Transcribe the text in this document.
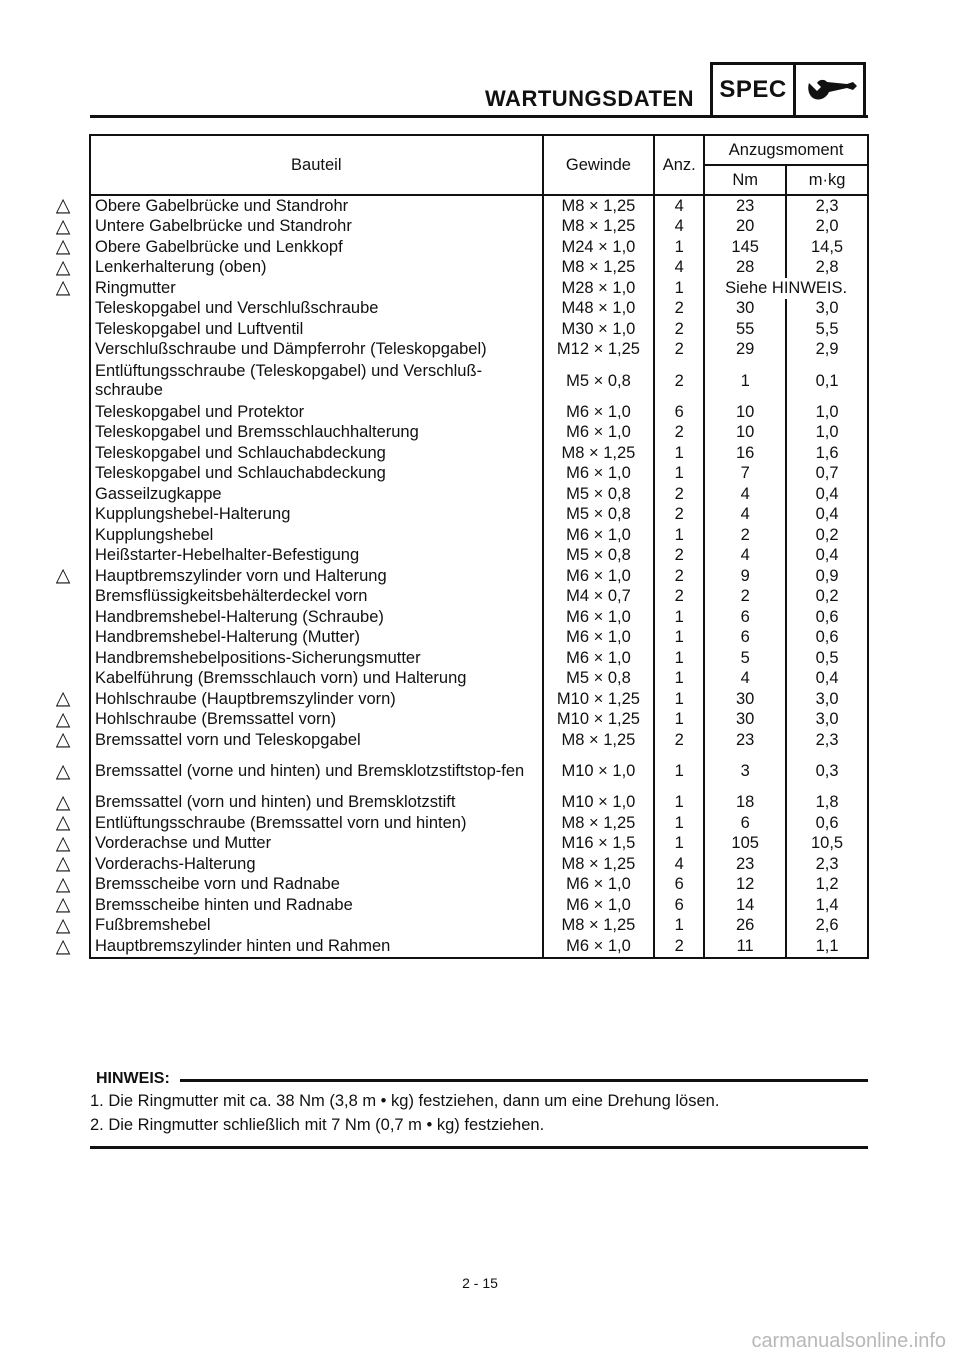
WARTUNGSDATEN	SPEC
△
△
△
△
△
△
△
△
△
△
△
△
△
△
△
△
△
△
Bauteil	Gewinde	Anz.	Anzugsmoment	
			Nm	m·kg
Obere Gabelbrücke und Standrohr	M8 × 1,25	4	23	2,3
Untere Gabelbrücke und Standrohr	M8 × 1,25	4	20	2,0
Obere Gabelbrücke und Lenkkopf	M24 × 1,0	1	145	14,5
Lenkerhalterung (oben)	M8 × 1,25	4	28	2,8
Ringmutter	M28 × 1,0	1	Siehe HINWEIS.	
Teleskopgabel und Verschlußschraube	M48 × 1,0	2	30	3,0
Teleskopgabel und Luftventil	M30 × 1,0	2	55	5,5
Verschlußschraube und Dämpferrohr (Teleskopgabel)	M12 × 1,25	2	29	2,9
Entlüftungsschraube (Teleskopgabel) und Verschluß-schraube	M5 × 0,8	2	1	0,1
Teleskopgabel und Protektor	M6 × 1,0	6	10	1,0
Teleskopgabel und Bremsschlauchhalterung	M6 × 1,0	2	10	1,0
Teleskopgabel und Schlauchabdeckung	M8 × 1,25	1	16	1,6
Teleskopgabel und Schlauchabdeckung	M6 × 1,0	1	7	0,7
Gasseilzugkappe	M5 × 0,8	2	4	0,4
Kupplungshebel-Halterung	M5 × 0,8	2	4	0,4
Kupplungshebel	M6 × 1,0	1	2	0,2
Heißstarter-Hebelhalter-Befestigung	M5 × 0,8	2	4	0,4
Hauptbremszylinder vorn und Halterung	M6 × 1,0	2	9	0,9
Bremsflüssigkeitsbehälterdeckel vorn	M4 × 0,7	2	2	0,2
Handbremshebel-Halterung (Schraube)	M6 × 1,0	1	6	0,6
Handbremshebel-Halterung (Mutter)	M6 × 1,0	1	6	0,6
Handbremshebelpositions-Sicherungsmutter	M6 × 1,0	1	5	0,5
Kabelführung (Bremsschlauch vorn) und Halterung	M5 × 0,8	1	4	0,4
Hohlschraube (Hauptbremszylinder vorn)	M10 × 1,25	1	30	3,0
Hohlschraube (Bremssattel vorn)	M10 × 1,25	1	30	3,0
Bremssattel vorn und Teleskopgabel	M8 × 1,25	2	23	2,3
Bremssattel (vorne und hinten) und Bremsklotzstiftstop-fen	M10 × 1,0	1	3	0,3
Bremssattel (vorn und hinten) und Bremsklotzstift	M10 × 1,0	1	18	1,8
Entlüftungsschraube (Bremssattel vorn und hinten)	M8 × 1,25	1	6	0,6
Vorderachse und Mutter	M16 × 1,5	1	105	10,5
Vorderachs-Halterung	M8 × 1,25	4	23	2,3
Bremsscheibe vorn und Radnabe	M6 × 1,0	6	12	1,2
Bremsscheibe hinten und Radnabe	M6 × 1,0	6	14	1,4
Fußbremshebel	M8 × 1,25	1	26	2,6
Hauptbremszylinder hinten und Rahmen	M6 × 1,0	2	11	1,1
HINWEIS:
1. Die Ringmutter mit ca. 38 Nm (3,8 m • kg) festziehen, dann um eine Drehung lösen.
2. Die Ringmutter schließlich mit 7 Nm (0,7 m • kg) festziehen.
2 - 15
carmanualsonline.info
